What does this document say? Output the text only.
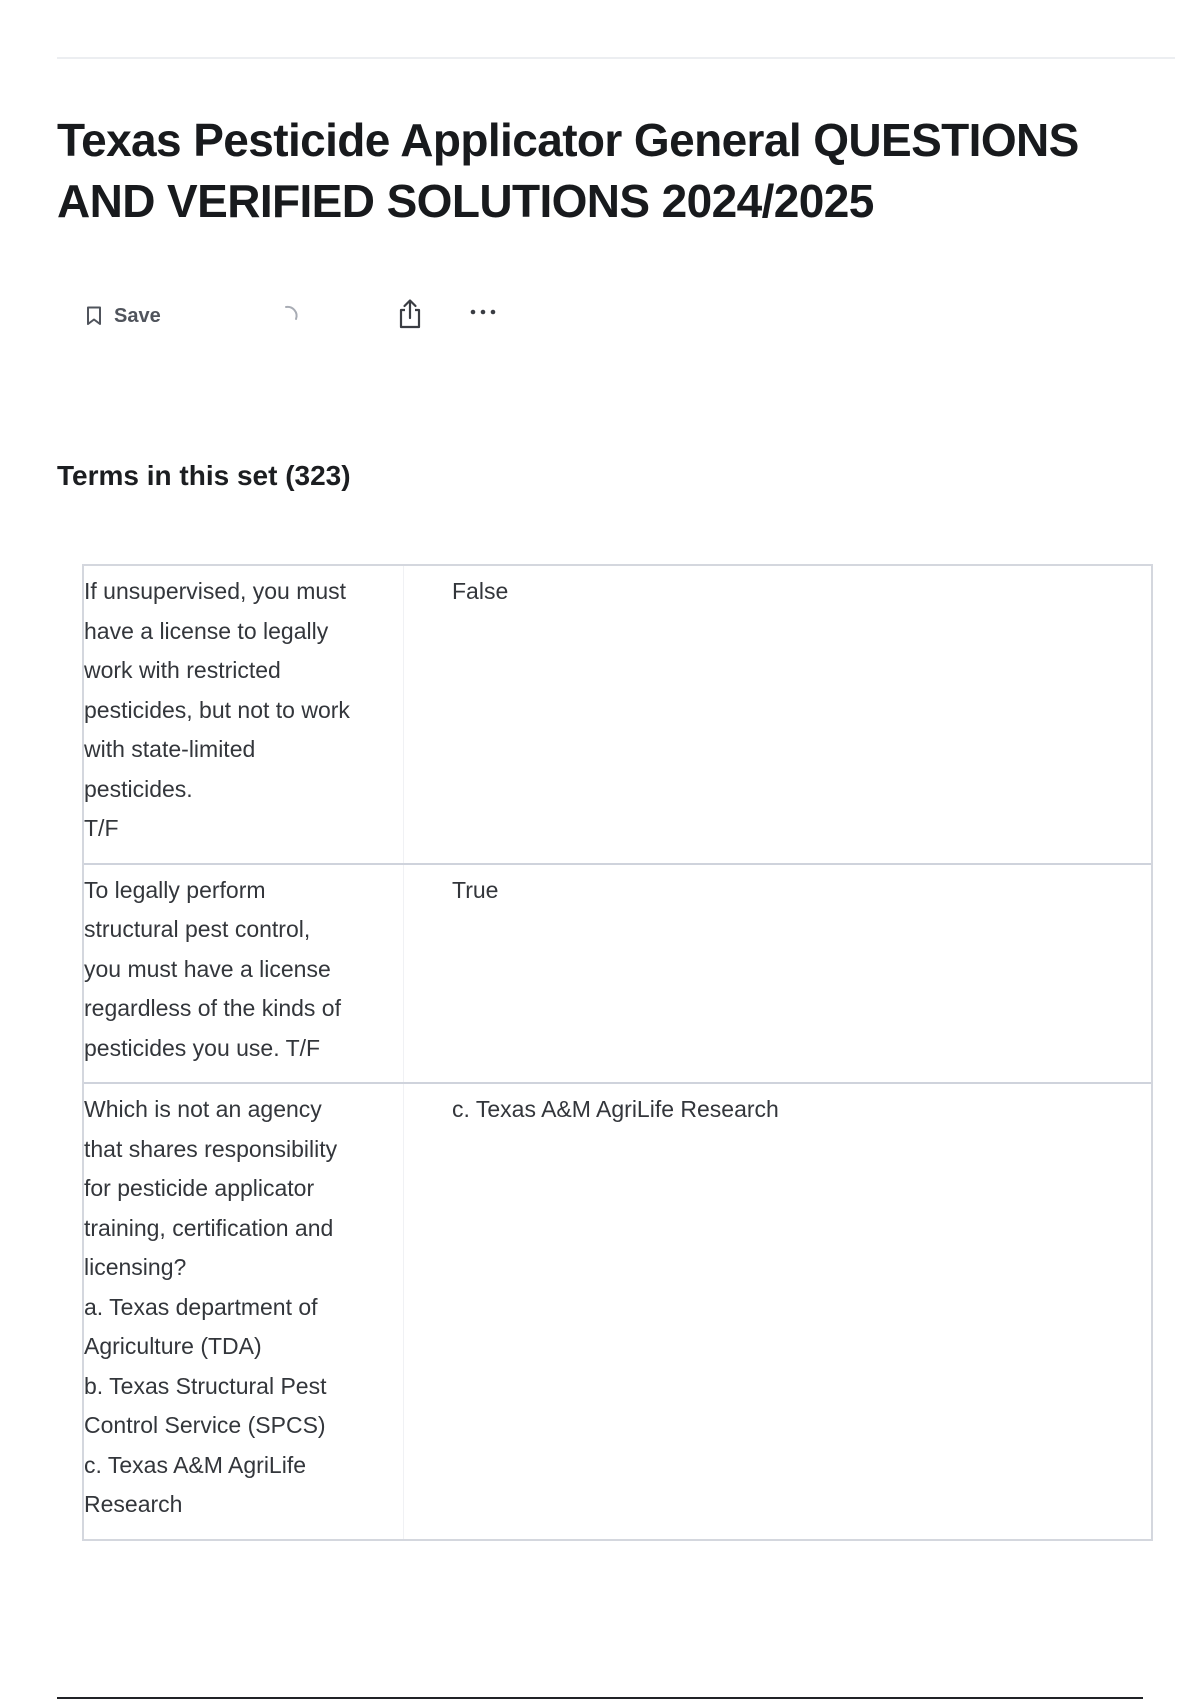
Texas Pesticide Applicator General QUESTIONS AND VERIFIED SOLUTIONS 2024/2025
Save
Terms in this set (323)
If unsupervised, you must
have a license to legally
work with restricted
pesticides, but not to work
with state-limited
pesticides.
T/F
False
To legally perform
structural pest control,
you must have a license
regardless of the kinds of
pesticides you use. T/F
True
Which is not an agency
that shares responsibility
for pesticide applicator
training, certification and
licensing?
a. Texas department of
Agriculture (TDA)
b. Texas Structural Pest
Control Service (SPCS)
c. Texas A&M AgriLife
Research
c. Texas A&M AgriLife Research
